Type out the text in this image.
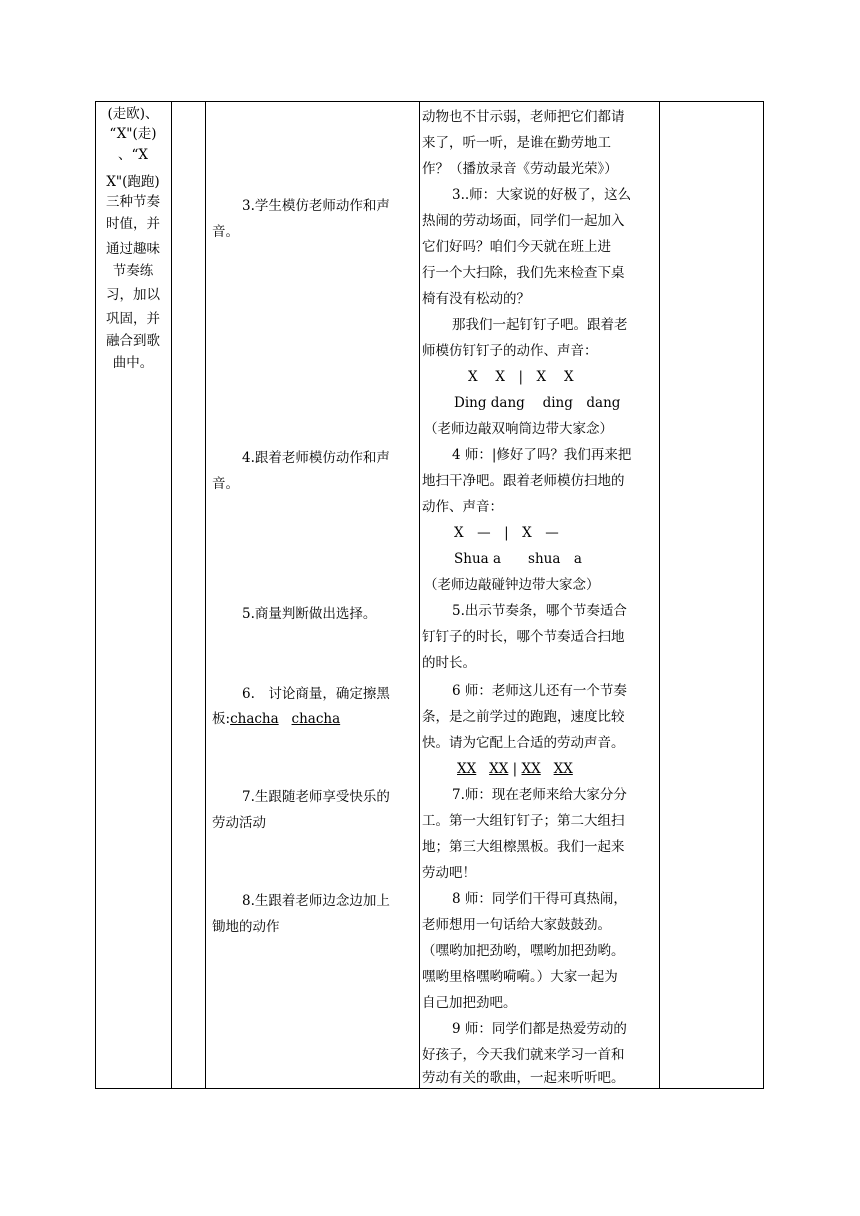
(走欧)、
“X"(走)
、“X
X"(跑跑)
三种节奏
时值，并
通过趣味
节奏练
习，加以
巩固，并
融合到歌
曲中。
3.学生模仿老师动作和声
音。
4.跟着老师模仿动作和声
音。
5.商量判断做出选择。
6.　讨论商量，确定擦黑
板:chacha chacha
7.生跟随老师享受快乐的
劳动活动
8.生跟着老师边念边加上
锄地的动作
动物也不甘示弱，老师把它们都请
来了，听一听，是谁在勤劳地工
作？（播放录音《劳动最光荣》）
3..师：大家说的好极了，这么
热闹的劳动场面，同学们一起加入
它们好吗？咱们今天就在班上进
行一个大扫除，我们先来检查下桌
椅有没有松动的？
那我们一起钉钉子吧。跟着老
师模仿钉钉子的动作、声音：
X　 X　|　X　 X
Ding dang　 ding　dang
（老师边敲双响筒边带大家念）
4 师：|修好了吗？我们再来把
地扫干净吧。跟着老师模仿扫地的
动作、声音：
X　—　|　X　—
Shua a　　shua　a
（老师边敲碰钟边带大家念）
5.出示节奏条，哪个节奏适合
钉钉子的时长，哪个节奏适合扫地
的时长。
6 师：老师这儿还有一个节奏
条，是之前学过的跑跑，速度比较
快。请为它配上合适的劳动声音。
XX XX | XX XX
7.师：现在老师来给大家分分
工。第一大组钉钉子；第二大组扫
地；第三大组檫黑板。我们一起来
劳动吧！
8 师：同学们干得可真热闹，
老师想用一句话给大家鼓鼓劲。
（嘿哟加把劲哟，嘿哟加把劲哟。
嘿哟里格嘿哟嗬嗬。）大家一起为
自己加把劲吧。
9 师：同学们都是热爱劳动的
好孩子，今天我们就来学习一首和
劳动有关的歌曲，一起来听听吧。
